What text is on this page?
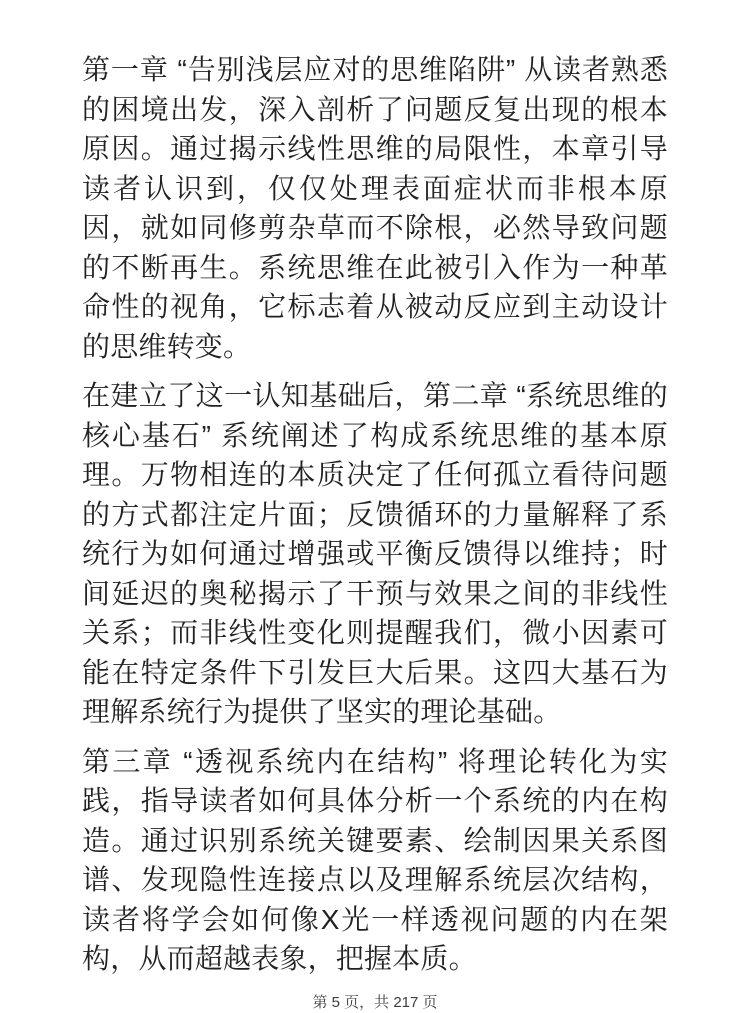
第一章 “告别浅层应对的思维陷阱” 从读者熟悉的困境出发，深入剖析了问题反复出现的根本原因。通过揭示线性思维的局限性，本章引导读者认识到，仅仅处理表面症状而非根本原因，就如同修剪杂草而不除根，必然导致问题的不断再生。系统思维在此被引入作为一种革命性的视角，它标志着从被动反应到主动设计的思维转变。

在建立了这一认知基础后，第二章 “系统思维的核心基石” 系统阐述了构成系统思维的基本原理。万物相连的本质决定了任何孤立看待问题的方式都注定片面；反馈循环的力量解释了系统行为如何通过增强或平衡反馈得以维持；时间延迟的奥秘揭示了干预与效果之间的非线性关系；而非线性变化则提醒我们，微小因素可能在特定条件下引发巨大后果。这四大基石为理解系统行为提供了坚实的理论基础。

第三章 “透视系统内在结构” 将理论转化为实践，指导读者如何具体分析一个系统的内在构造。通过识别系统关键要素、绘制因果关系图谱、发现隐性连接点以及理解系统层次结构，读者将学会如何像X光一样透视问题的内在架构，从而超越表象，把握本质。

第 5 页，共 217 页
